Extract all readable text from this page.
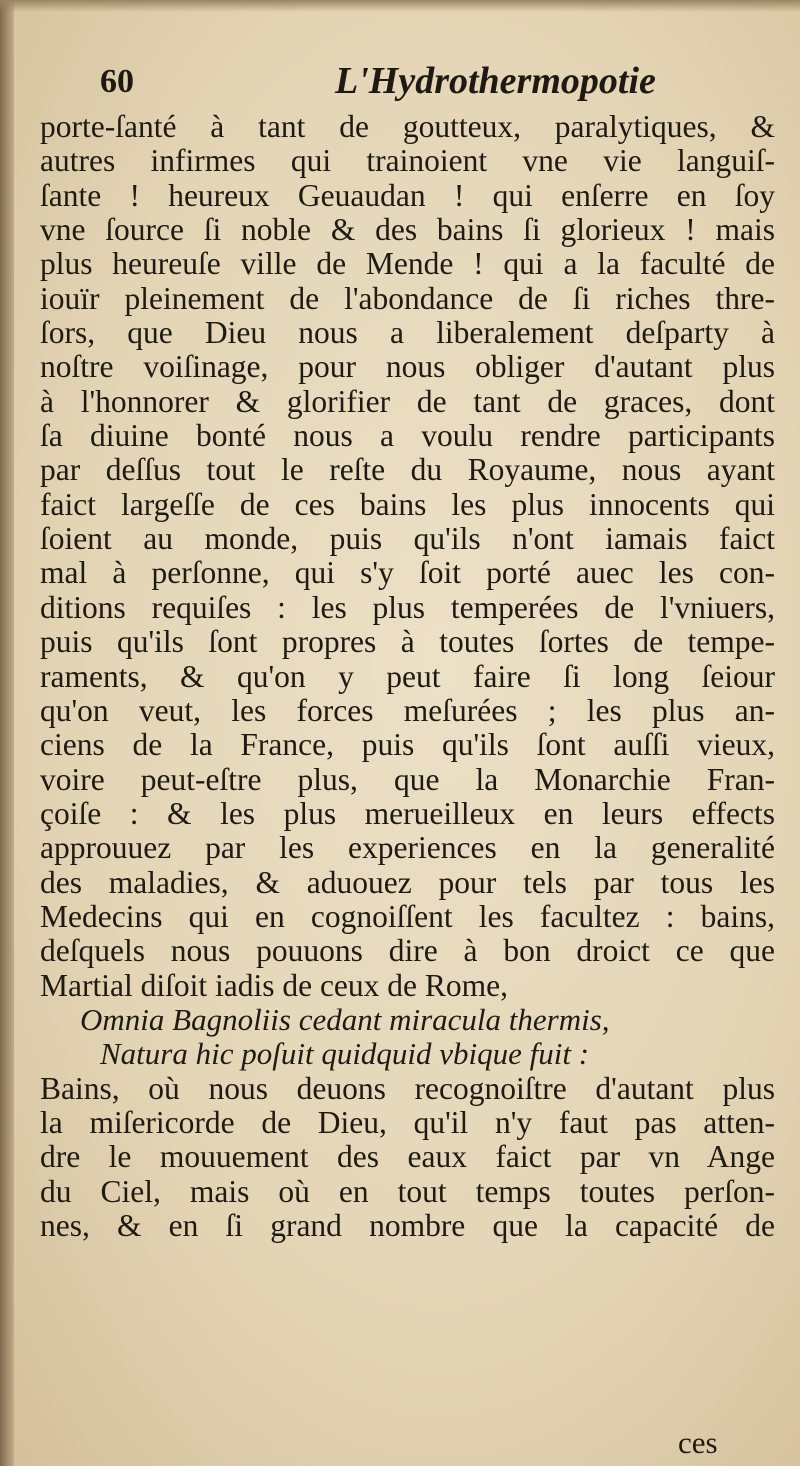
60	L'Hydrothermopotie
porte-ſanté à tant de goutteux, paralytiques, &
autres infirmes qui trainoient vne vie languiſ-
ſante ! heureux Geuaudan ! qui enſerre en ſoy
vne ſource ſi noble & des bains ſi glorieux ! mais
plus heureuſe ville de Mende ! qui a la faculté de
iouïr pleinement de l'abondance de ſi riches thre-
ſors, que Dieu nous a liberalement deſparty à
noſtre voiſinage, pour nous obliger d'autant plus
à l'honnorer & glorifier de tant de graces, dont
ſa diuine bonté nous a voulu rendre participants
par deſſus tout le reſte du Royaume, nous ayant
faict largeſſe de ces bains les plus innocents qui
ſoient au monde, puis qu'ils n'ont iamais faict
mal à perſonne, qui s'y ſoit porté auec les con-
ditions requiſes : les plus temperées de l'vniuers,
puis qu'ils ſont propres à toutes ſortes de tempe-
raments, & qu'on y peut faire ſi long ſeiour
qu'on veut, les forces meſurées ; les plus an-
ciens de la France, puis qu'ils ſont auſſi vieux,
voire peut-eſtre plus, que la Monarchie Fran-
çoiſe : & les plus merueilleux en leurs effects
approuuez par les experiences en la generalité
des maladies, & aduouez pour tels par tous les
Medecins qui en cognoiſſent les facultez : bains,
deſquels nous pouuons dire à bon droict ce que
Martial diſoit iadis de ceux de Rome,
Omnia Bagnoliis cedant miracula thermis,
Natura hic poſuit quidquid vbique fuit :
Bains, où nous deuons recognoiſtre d'autant plus
la miſericorde de Dieu, qu'il n'y faut pas atten-
dre le mouuement des eaux faict par vn Ange
du Ciel, mais où en tout temps toutes perſon-
nes, & en ſi grand nombre que la capacité de
ces
